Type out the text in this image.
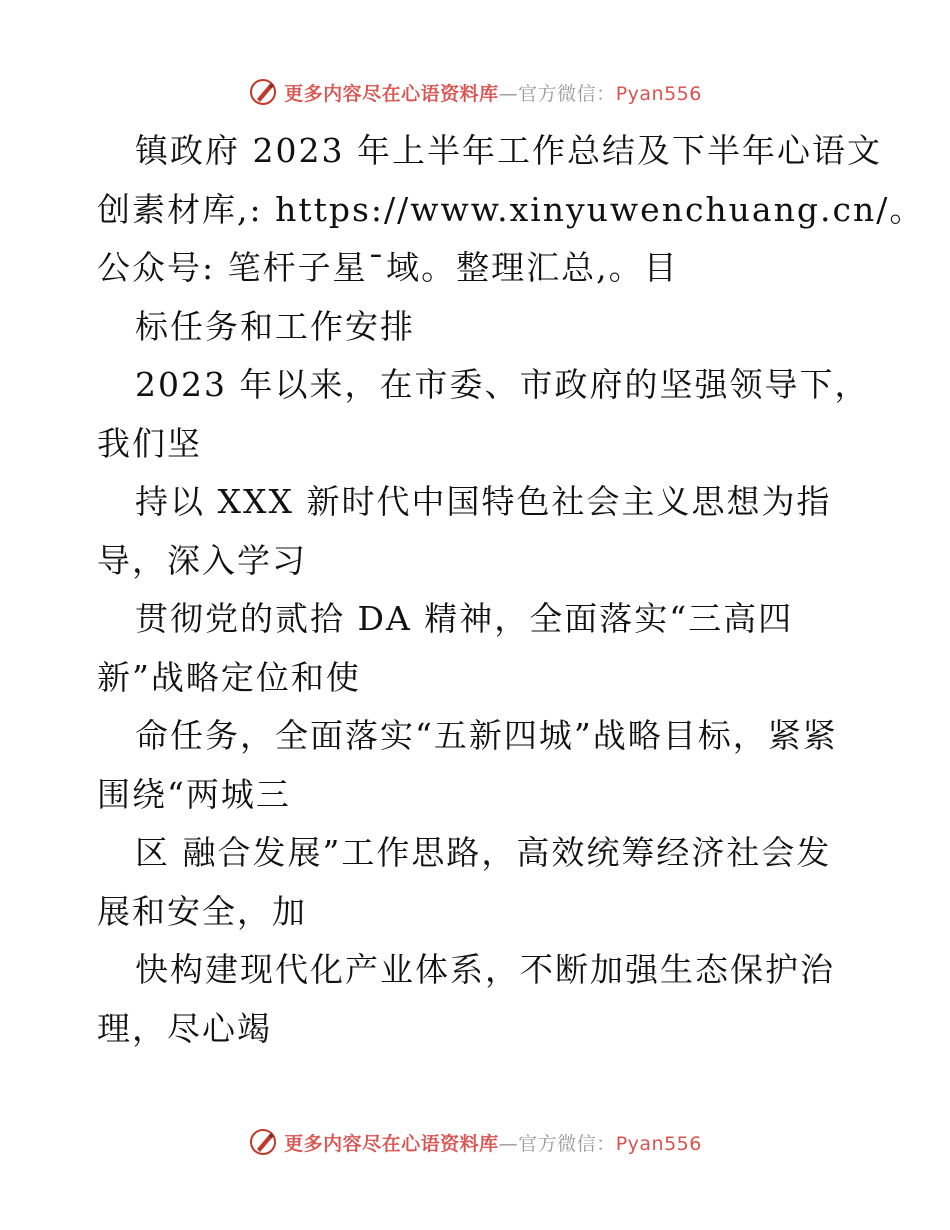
更多内容尽在心语资料库—官方微信：Pyan556
镇政府 2023 年上半年工作总结及下半年心语文
创素材库,: https://www.xinyuwenchuang.cn/。
公众号: 笔杆子星¯域。整理汇总,。目
标任务和工作安排
2023 年以来，在市委、市政府的坚强领导下，
我们坚
持以 XXX 新时代中国特色社会主义思想为指
导，深入学习
贯彻党的贰拾 DA 精神，全面落实“三高四
新”战略定位和使
命任务，全面落实“五新四城”战略目标，紧紧
围绕“两城三
区 融合发展”工作思路，高效统筹经济社会发
展和安全，加
快构建现代化产业体系，不断加强生态保护治
理，尽心竭
更多内容尽在心语资料库—官方微信：Pyan556
